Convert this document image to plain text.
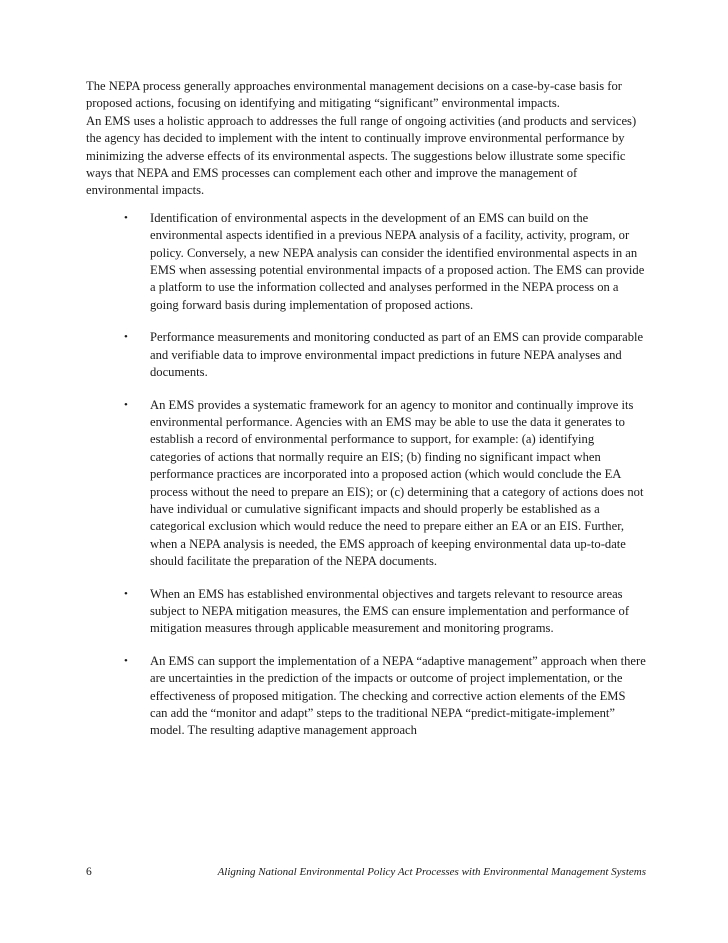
The NEPA process generally approaches environmental management decisions on a case-by-case basis for proposed actions, focusing on identifying and mitigating “significant” environmental impacts.

An EMS uses a holistic approach to addresses the full range of ongoing activities (and products and services) the agency has decided to implement with the intent to continually improve environmental performance by minimizing the adverse effects of its environmental aspects. The suggestions below illustrate some specific ways that NEPA and EMS processes can complement each other and improve the management of environmental impacts.

•	Identification of environmental aspects in the development of an EMS can build on the environmental aspects identified in a previous NEPA analysis of a facility, activity, program, or policy. Conversely, a new NEPA analysis can consider the identified environmental aspects in an EMS when assessing potential environmental impacts of a proposed action. The EMS can provide a platform to use the information collected and analyses performed in the NEPA process on a going forward basis during implementation of proposed actions.
•	Performance measurements and monitoring conducted as part of an EMS can provide comparable and verifiable data to improve environmental impact predictions in future NEPA analyses and documents.
•	An EMS provides a systematic framework for an agency to monitor and continually improve its environmental performance. Agencies with an EMS may be able to use the data it generates to establish a record of environmental performance to support, for example: (a) identifying categories of actions that normally require an EIS; (b) finding no significant impact when performance practices are incorporated into a proposed action (which would conclude the EA process without the need to prepare an EIS); or (c) determining that a category of actions does not have individual or cumulative significant impacts and should properly be established as a categorical exclusion which would reduce the need to prepare either an EA or an EIS. Further, when a NEPA analysis is needed, the EMS approach of keeping environmental data up-to-date should facilitate the preparation of the NEPA documents.
•	When an EMS has established environmental objectives and targets relevant to resource areas subject to NEPA mitigation measures, the EMS can ensure implementation and performance of mitigation measures through applicable measurement and monitoring programs.
•	An EMS can support the implementation of a NEPA “adaptive management” approach when there are uncertainties in the prediction of the impacts or outcome of project implementation, or the effectiveness of proposed mitigation. The checking and corrective action elements of the EMS can add the “monitor and adapt” steps to the traditional NEPA “predict-mitigate-implement” model. The resulting adaptive management approach
6	Aligning National Environmental Policy Act Processes with Environmental Management Systems
